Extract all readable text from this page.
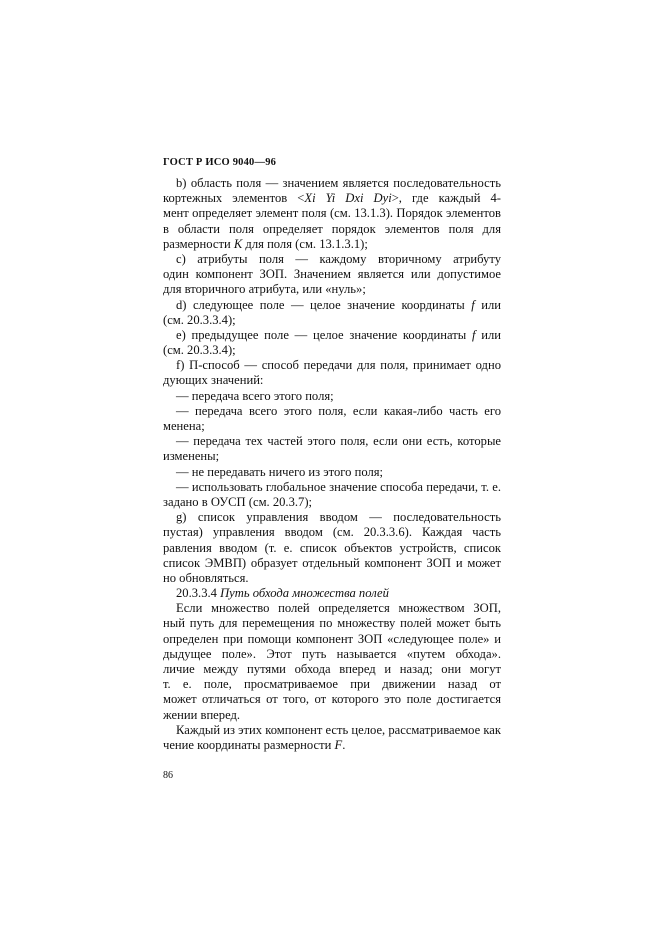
ГОСТ Р ИСО 9040—96
b) область поля — значением является последовательность
кортежных элементов <Xi Yi Dxi Dyi>, где каждый 4-
мент определяет элемент поля (см. 13.1.3). Порядок элементов
в области поля определяет порядок элементов поля для
размерности K для поля (см. 13.1.3.1);
c) атрибуты поля — каждому вторичному атрибуту
один компонент ЗОП. Значением является или допустимое
для вторичного атрибута, или «нуль»;
d) следующее поле — целое значение координаты f или
(см. 20.3.3.4);
e) предыдущее поле — целое значение координаты f или
(см. 20.3.3.4);
f) П-способ — способ передачи для поля, принимает одно
дующих значений:
— передача всего этого поля;
— передача всего этого поля, если какая-либо часть его
менена;
— передача тех частей этого поля, если они есть, которые
изменены;
— не передавать ничего из этого поля;
— использовать глобальное значение способа передачи, т. е.
задано в ОУСП (см. 20.3.7);
g) список управления вводом — последовательность
пустая) управления вводом (см. 20.3.3.6). Каждая часть
равления вводом (т. е. список объектов устройств, список
список ЭМВП) образует отдельный компонент ЗОП и может
но обновляться.
20.3.3.4 Путь обхода множества полей
Если множество полей определяется множеством ЗОП,
ный путь для перемещения по множеству полей может быть
определен при помощи компонент ЗОП «следующее поле» и
дыдущее поле». Этот путь называется «путем обхода».
личие между путями обхода вперед и назад; они могут
т. е. поле, просматриваемое при движении назад от
может отличаться от того, от которого это поле достигается
жении вперед.
Каждый из этих компонент есть целое, рассматриваемое как
чение координаты размерности F.
86
